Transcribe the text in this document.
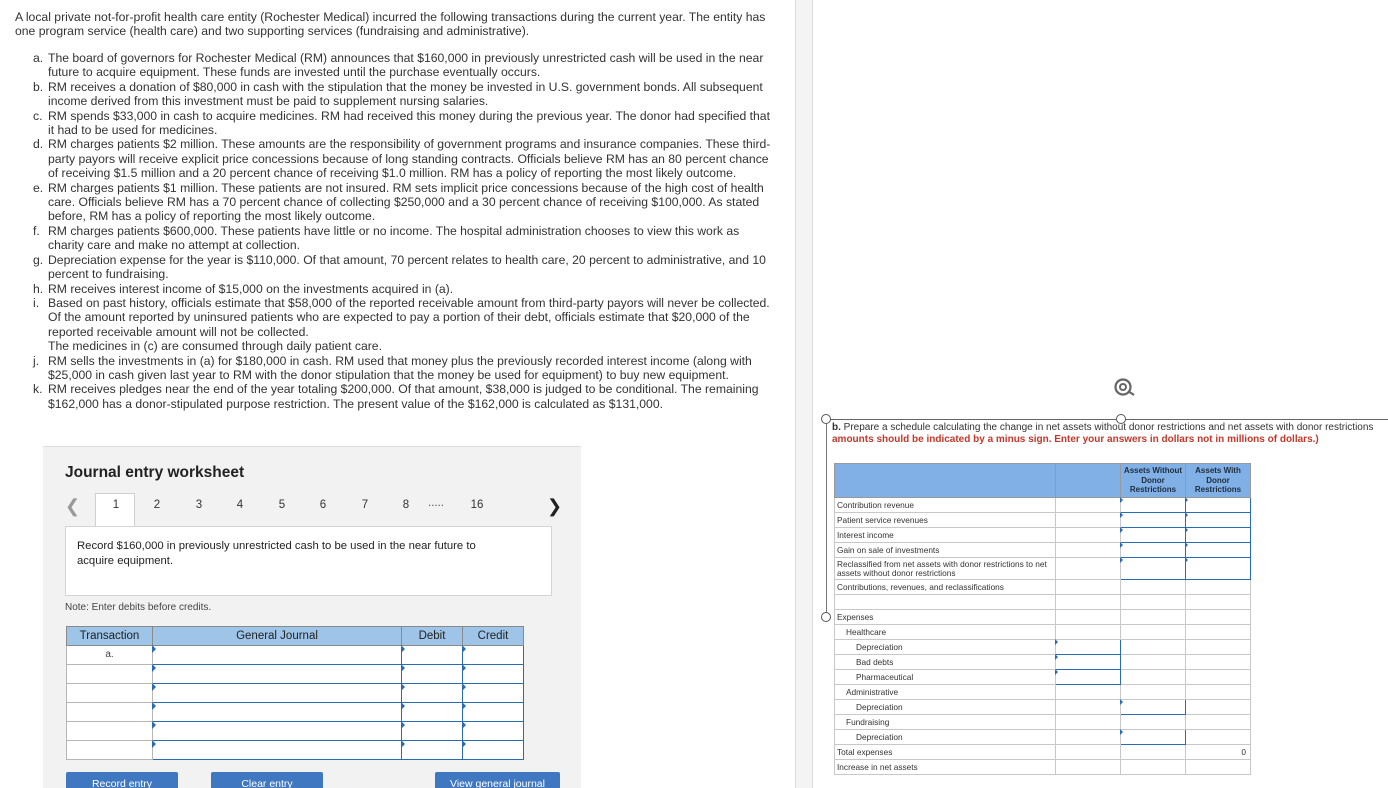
A local private not-for-profit health care entity (Rochester Medical) incurred the following transactions during the current year. The entity has one program service (health care) and two supporting services (fundraising and administrative).

a. The board of governors for Rochester Medical (RM) announces that $160,000 in previously unrestricted cash will be used in the near future to acquire equipment. These funds are invested until the purchase eventually occurs.
b. RM receives a donation of $80,000 in cash with the stipulation that the money be invested in U.S. government bonds. All subsequent income derived from this investment must be paid to supplement nursing salaries.
c. RM spends $33,000 in cash to acquire medicines. RM had received this money during the previous year. The donor had specified that it had to be used for medicines.
d. RM charges patients $2 million. These amounts are the responsibility of government programs and insurance companies. These third-party payors will receive explicit price concessions because of long standing contracts. Officials believe RM has an 80 percent chance of receiving $1.5 million and a 20 percent chance of receiving $1.0 million. RM has a policy of reporting the most likely outcome.
e. RM charges patients $1 million. These patients are not insured. RM sets implicit price concessions because of the high cost of health care. Officials believe RM has a 70 percent chance of collecting $250,000 and a 30 percent chance of receiving $100,000. As stated before, RM has a policy of reporting the most likely outcome.
f. RM charges patients $600,000. These patients have little or no income. The hospital administration chooses to view this work as charity care and make no attempt at collection.
g. Depreciation expense for the year is $110,000. Of that amount, 70 percent relates to health care, 20 percent to administrative, and 10 percent to fundraising.
h. RM receives interest income of $15,000 on the investments acquired in (a).
i. Based on past history, officials estimate that $58,000 of the reported receivable amount from third-party payors will never be collected. Of the amount reported by uninsured patients who are expected to pay a portion of their debt, officials estimate that $20,000 of the reported receivable amount will not be collected.
The medicines in (c) are consumed through daily patient care.
j. RM sells the investments in (a) for $180,000 in cash. RM used that money plus the previously recorded interest income (along with $25,000 in cash given last year to RM with the donor stipulation that the money be used for equipment) to buy new equipment.
k. RM receives pledges near the end of the year totaling $200,000. Of that amount, $38,000 is judged to be conditional. The remaining $162,000 has a donor-stipulated purpose restriction. The present value of the $162,000 is calculated as $131,000.
Journal entry worksheet
❮	1	2	3	4	5	6	7	8	.....	16	❯

Record $160,000 in previously unrestricted cash to be used in the near future to acquire equipment.

Note: Enter debits before credits.
Transaction	General Journal	Debit	Credit
a.			

Record entry	Clear entry	View general journal
b. Prepare a schedule calculating the change in net assets without donor restrictions and net assets with donor restrictions
amounts should be indicated by a minus sign. Enter your answers in dollars not in millions of dollars.)
		Assets Without Donor Restrictions	Assets With Donor Restrictions
Contribution revenue			
Patient service revenues			
Interest income			
Gain on sale of investments			
Reclassified from net assets with donor restrictions to net assets without donor restrictions			
Contributions, revenues, and reclassifications			

Expenses			
Healthcare			
Depreciation			
Bad debts			
Pharmaceutical			
Administrative			
Depreciation			
Fundraising			
Depreciation			
Total expenses			0
Increase in net assets			
